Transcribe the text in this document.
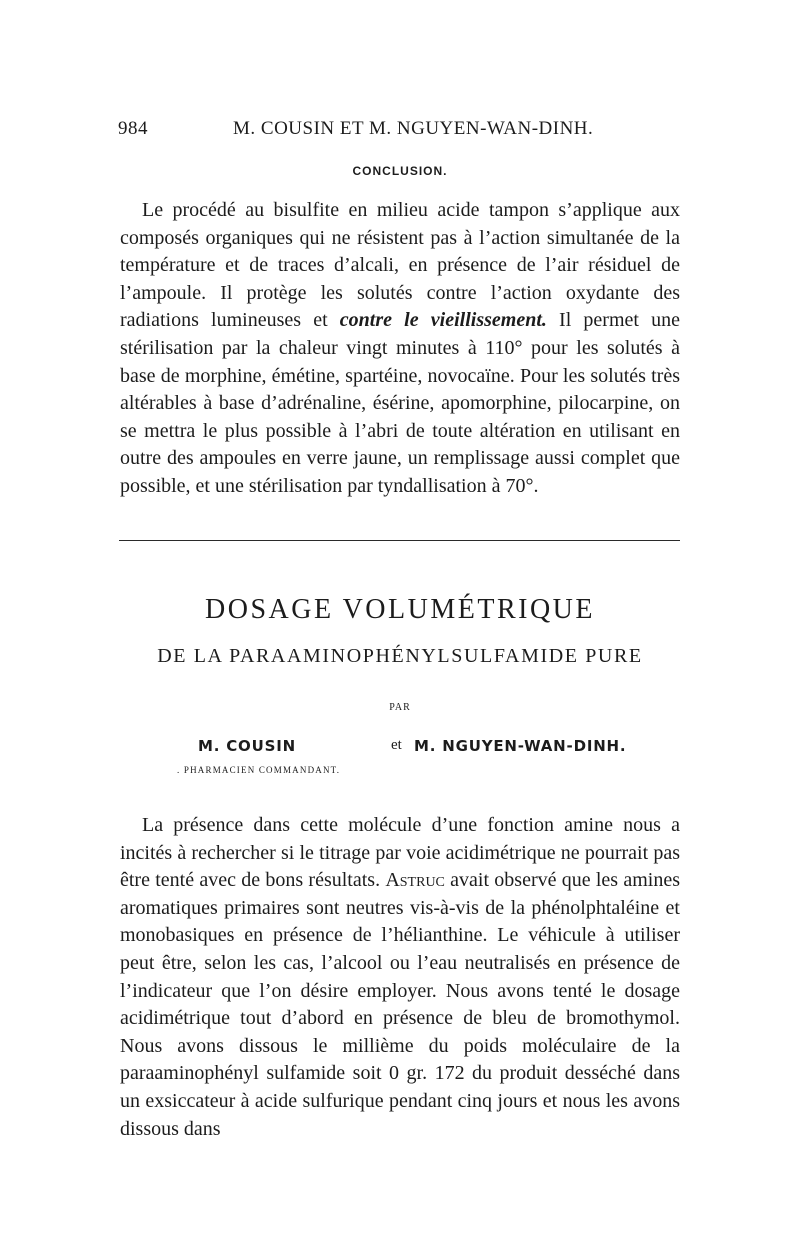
984	M. COUSIN ET M. NGUYEN-WAN-DINH.
CONCLUSION.

Le procédé au bisulfite en milieu acide tampon s’applique aux composés organiques qui ne résistent pas à l’action simultanée de la température et de traces d’alcali, en présence de l’air résiduel de l’ampoule. Il protège les solutés contre l’action oxydante des radiations lumineuses et contre le vieillissement. Il permet une stérilisation par la chaleur vingt minutes à 110° pour les solutés à base de morphine, émétine, spartéine, novocaïne. Pour les solutés très altérables à base d’adrénaline, ésérine, apomorphine, pilocarpine, on se mettra le plus possible à l’abri de toute altération en utilisant en outre des ampoules en verre jaune, un remplissage aussi complet que possible, et une stérilisation par tyndallisation à 70°.

DOSAGE VOLUMÉTRIQUE
DE LA PARAAMINOPHÉNYLSULFAMIDE PURE
PAR
M. COUSIN	et M. NGUYEN-WAN-DINH.
. PHARMACIEN COMMANDANT.

La présence dans cette molécule d’une fonction amine nous a incités à rechercher si le titrage par voie acidimétrique ne pourrait pas être tenté avec de bons résultats. Astruc avait observé que les amines aromatiques primaires sont neutres vis-à-vis de la phénolphtaléine et monobasiques en présence de l’hélianthine. Le véhicule à utiliser peut être, selon les cas, l’alcool ou l’eau neutralisés en présence de l’indicateur que l’on désire employer. Nous avons tenté le dosage acidimétrique tout d’abord en présence de bleu de bromothymol. Nous avons dissous le millième du poids moléculaire de la paraaminophényl sulfamide soit 0 gr. 172 du produit desséché dans un exsiccateur à acide sulfurique pendant cinq jours et nous les avons dissous dans
